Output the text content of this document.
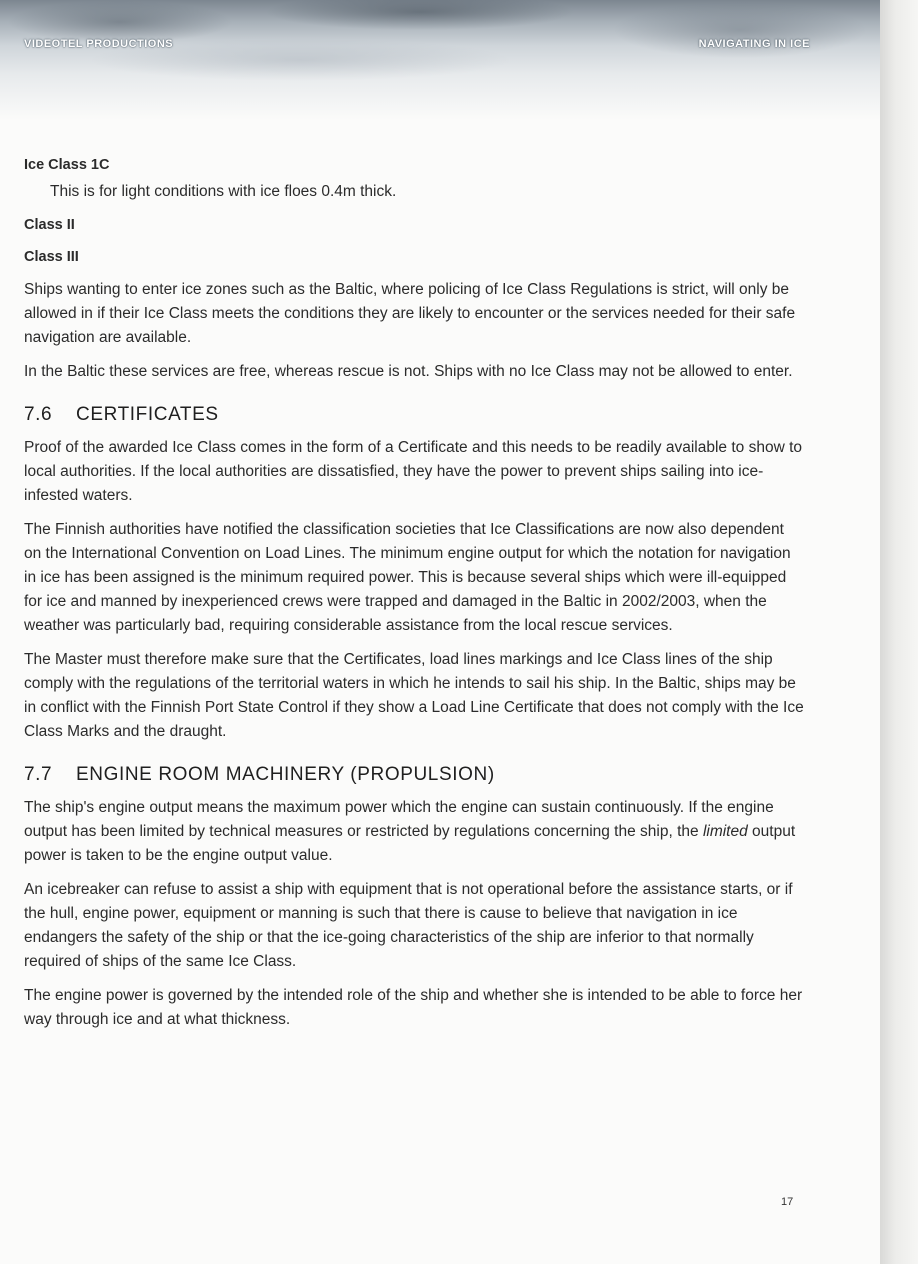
VIDEOTEL PRODUCTIONS	NAVIGATING IN ICE
Ice Class 1C
This is for light conditions with ice floes 0.4m thick.
Class II
Class III

Ships wanting to enter ice zones such as the Baltic, where policing of Ice Class Regulations is strict, will only be allowed in if their Ice Class meets the conditions they are likely to encounter or the services needed for their safe navigation are available.

In the Baltic these services are free, whereas rescue is not. Ships with no Ice Class may not be allowed to enter.

7.6 CERTIFICATES

Proof of the awarded Ice Class comes in the form of a Certificate and this needs to be readily available to show to local authorities. If the local authorities are dissatisfied, they have the power to prevent ships sailing into ice-infested waters.

The Finnish authorities have notified the classification societies that Ice Classifications are now also dependent on the International Convention on Load Lines. The minimum engine output for which the notation for navigation in ice has been assigned is the minimum required power. This is because several ships which were ill-equipped for ice and manned by inexperienced crews were trapped and damaged in the Baltic in 2002/2003, when the weather was particularly bad, requiring considerable assistance from the local rescue services.

The Master must therefore make sure that the Certificates, load lines markings and Ice Class lines of the ship comply with the regulations of the territorial waters in which he intends to sail his ship. In the Baltic, ships may be in conflict with the Finnish Port State Control if they show a Load Line Certificate that does not comply with the Ice Class Marks and the draught.

7.7 ENGINE ROOM MACHINERY (PROPULSION)

The ship's engine output means the maximum power which the engine can sustain continuously. If the engine output has been limited by technical measures or restricted by regulations concerning the ship, the limited output power is taken to be the engine output value.

An icebreaker can refuse to assist a ship with equipment that is not operational before the assistance starts, or if the hull, engine power, equipment or manning is such that there is cause to believe that navigation in ice endangers the safety of the ship or that the ice-going characteristics of the ship are inferior to that normally required of ships of the same Ice Class.

The engine power is governed by the intended role of the ship and whether she is intended to be able to force her way through ice and at what thickness.

17
